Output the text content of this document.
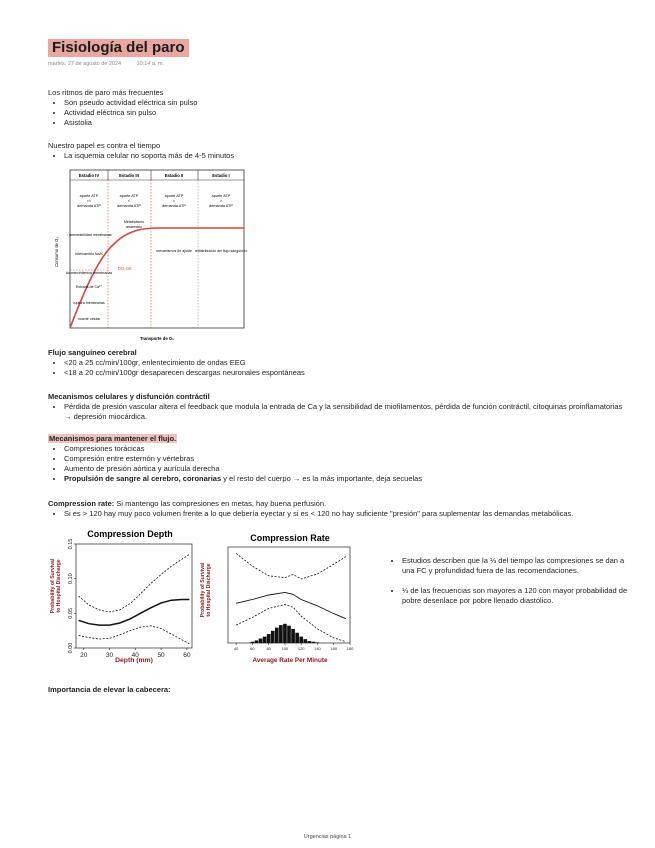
Fisiología del paro
martes, 27 de agosto de 2024	10:14 a. m.
Los ritmos de paro más frecuentes
• Son pseudo actividad eléctrica sin pulso
• Actividad eléctrica sin pulso
• Asistolia
Nuestro papel es contra el tiempo
• La isquemia celular no soporta más de 4-5 minutos
Estadio IV	Estadio III	Estadio II	Estadio I
aporte ATP
<<
demanda ATP
aporte ATP
<
demanda ATP
aporte ATP
=
demanda ATP
aporte ATP
>
demanda ATP
↑ permeabilidad membranas
Intercambio Na/K
Acontecimientos membranas
Entrada de Ca²⁺
ruptura membranas
muerte celular
Metabolismo
anaerobio
mecanismos de ajuste redistribución del flujo sanguíneo
DO₂crit
Consumo de O₂
Transporte de O₂
Flujo sanguíneo cerebral
• <20 a 25 cc/min/100gr, enlentecimiento de ondas EEG
• <18 a 20 cc/min/100gr desaparecen descargas neuronales espontáneas
Mecanismos celulares y disfunción contráctil
• Pérdida de presión vascular altera el feedback que modula la entrada de Ca y la sensibilidad de miofilamentos, pérdida de función contráctil, citoquinas proinflamatorias → depresión miocárdica.
Mecanismos para mantener el flujo.
• Compresiones torácicas
• Compresión entre esternón y vértebras
• Aumento de presión aórtica y aurícula derecha
• Propulsión de sangre al cerebro, coronarias y el resto del cuerpo → es la más importante, deja secuelas
Compression rate: Si mantengo las compresiones en metas, hay buena perfusión.
• Si es > 120 hay muy poco volumen frente a lo que debería eyectar y si es < 120 no hay suficiente "presión" para suplementar las demandas metabólicas.
Compression Depth
Probability of Survival to Hospital Discharge
Depth (mm)
20	30	40	50	60
0.00
0.05
0.10
0.15
Compression Rate
Probability of Survival to Hospital Discharge
Average Rate Per Minute
40	60	80	100 120 140 160 180
• Estudios describen que la ⅓ del tiempo las compresiones se dan a una FC y profundidad fuera de las recomendaciones.
• ⅓ de las frecuencias son mayores a 120 con mayor probabilidad de pobre desenlace por pobre llenado diastólico.
Importancia de elevar la cabecera:
Urgencias página 1
